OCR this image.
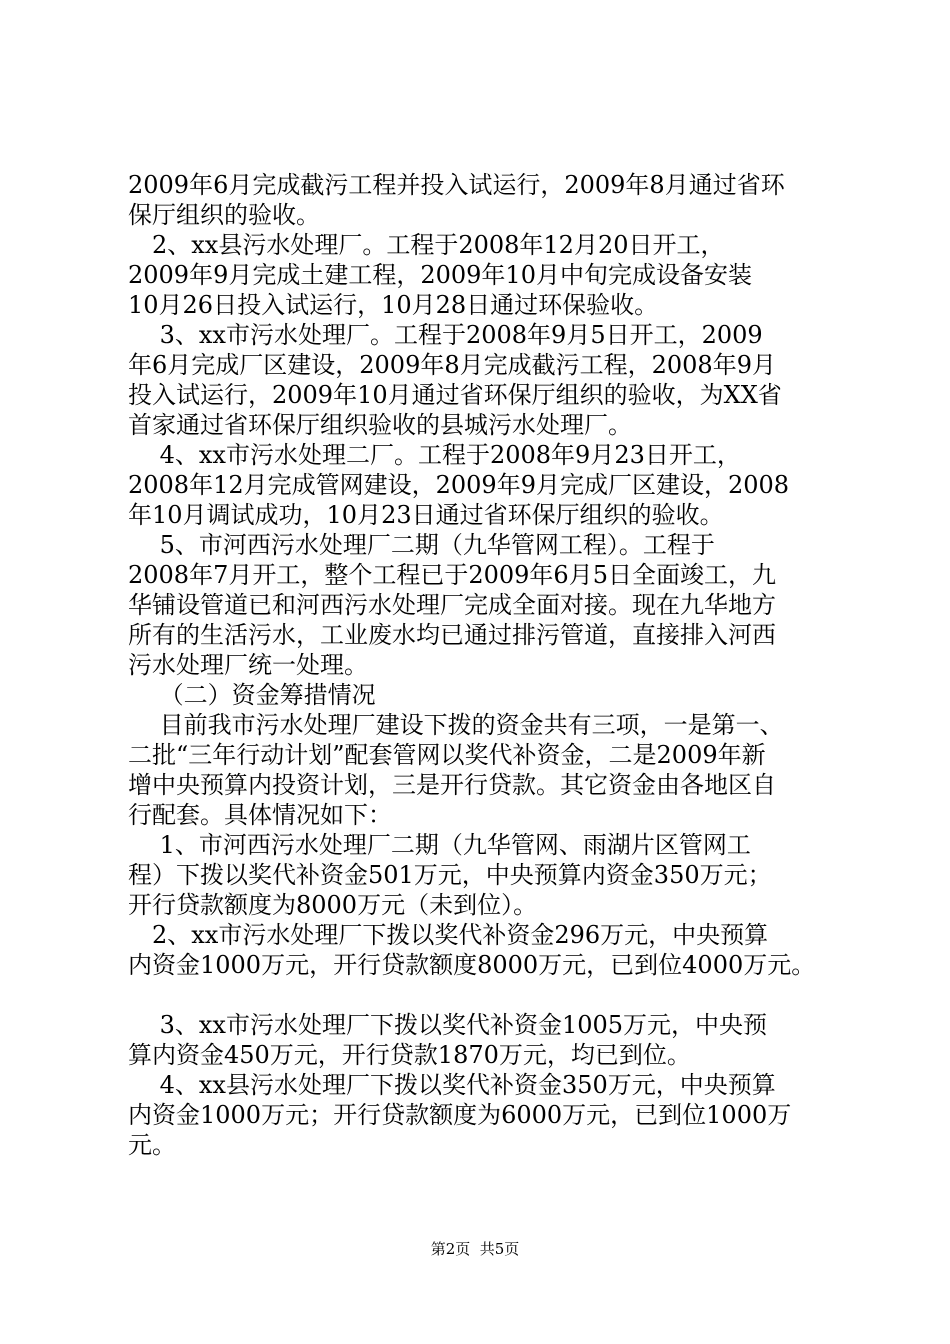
2009年6月完成截污工程并投入试运行，2009年8月通过省环

保厅组织的验收。

　2、xx县污水处理厂。工程于2008年12月20日开工，

2009年9月完成土建工程，2009年10月中旬完成设备安装

10月26日投入试运行，10月28日通过环保验收。

　 3、xx市污水处理厂。工程于2008年9月5日开工，2009

年6月完成厂区建设，2009年8月完成截污工程，2008年9月

投入试运行，2009年10月通过省环保厅组织的验收，为XX省

首家通过省环保厅组织验收的县城污水处理厂。

　 4、xx市污水处理二厂。工程于2008年9月23日开工，

2008年12月完成管网建设，2009年9月完成厂区建设，2008

年10月调试成功，10月23日通过省环保厅组织的验收。

　 5、市河西污水处理厂二期（九华管网工程）。工程于

2008年7月开工，整个工程已于2009年6月5日全面竣工，九

华铺设管道已和河西污水处理厂完成全面对接。现在九华地方

所有的生活污水，工业废水均已通过排污管道，直接排入河西

污水处理厂统一处理。

　 （二）资金筹措情况

　 目前我市污水处理厂建设下拨的资金共有三项，一是第一、

二批“三年行动计划”配套管网以奖代补资金，二是2009年新

增中央预算内投资计划，三是开行贷款。其它资金由各地区自

行配套。具体情况如下：

　 1、市河西污水处理厂二期（九华管网、雨湖片区管网工

程）下拨以奖代补资金501万元，中央预算内资金350万元；

开行贷款额度为8000万元（未到位）。

　2、xx市污水处理厂下拨以奖代补资金296万元，中央预算

内资金1000万元，开行贷款额度8000万元，已到位4000万元。

　 3、xx市污水处理厂下拨以奖代补资金1005万元，中央预

算内资金450万元，开行贷款1870万元，均已到位。

　 4、xx县污水处理厂下拨以奖代补资金350万元，中央预算

内资金1000万元；开行贷款额度为6000万元，已到位1000万

元。

第2页  共5页
